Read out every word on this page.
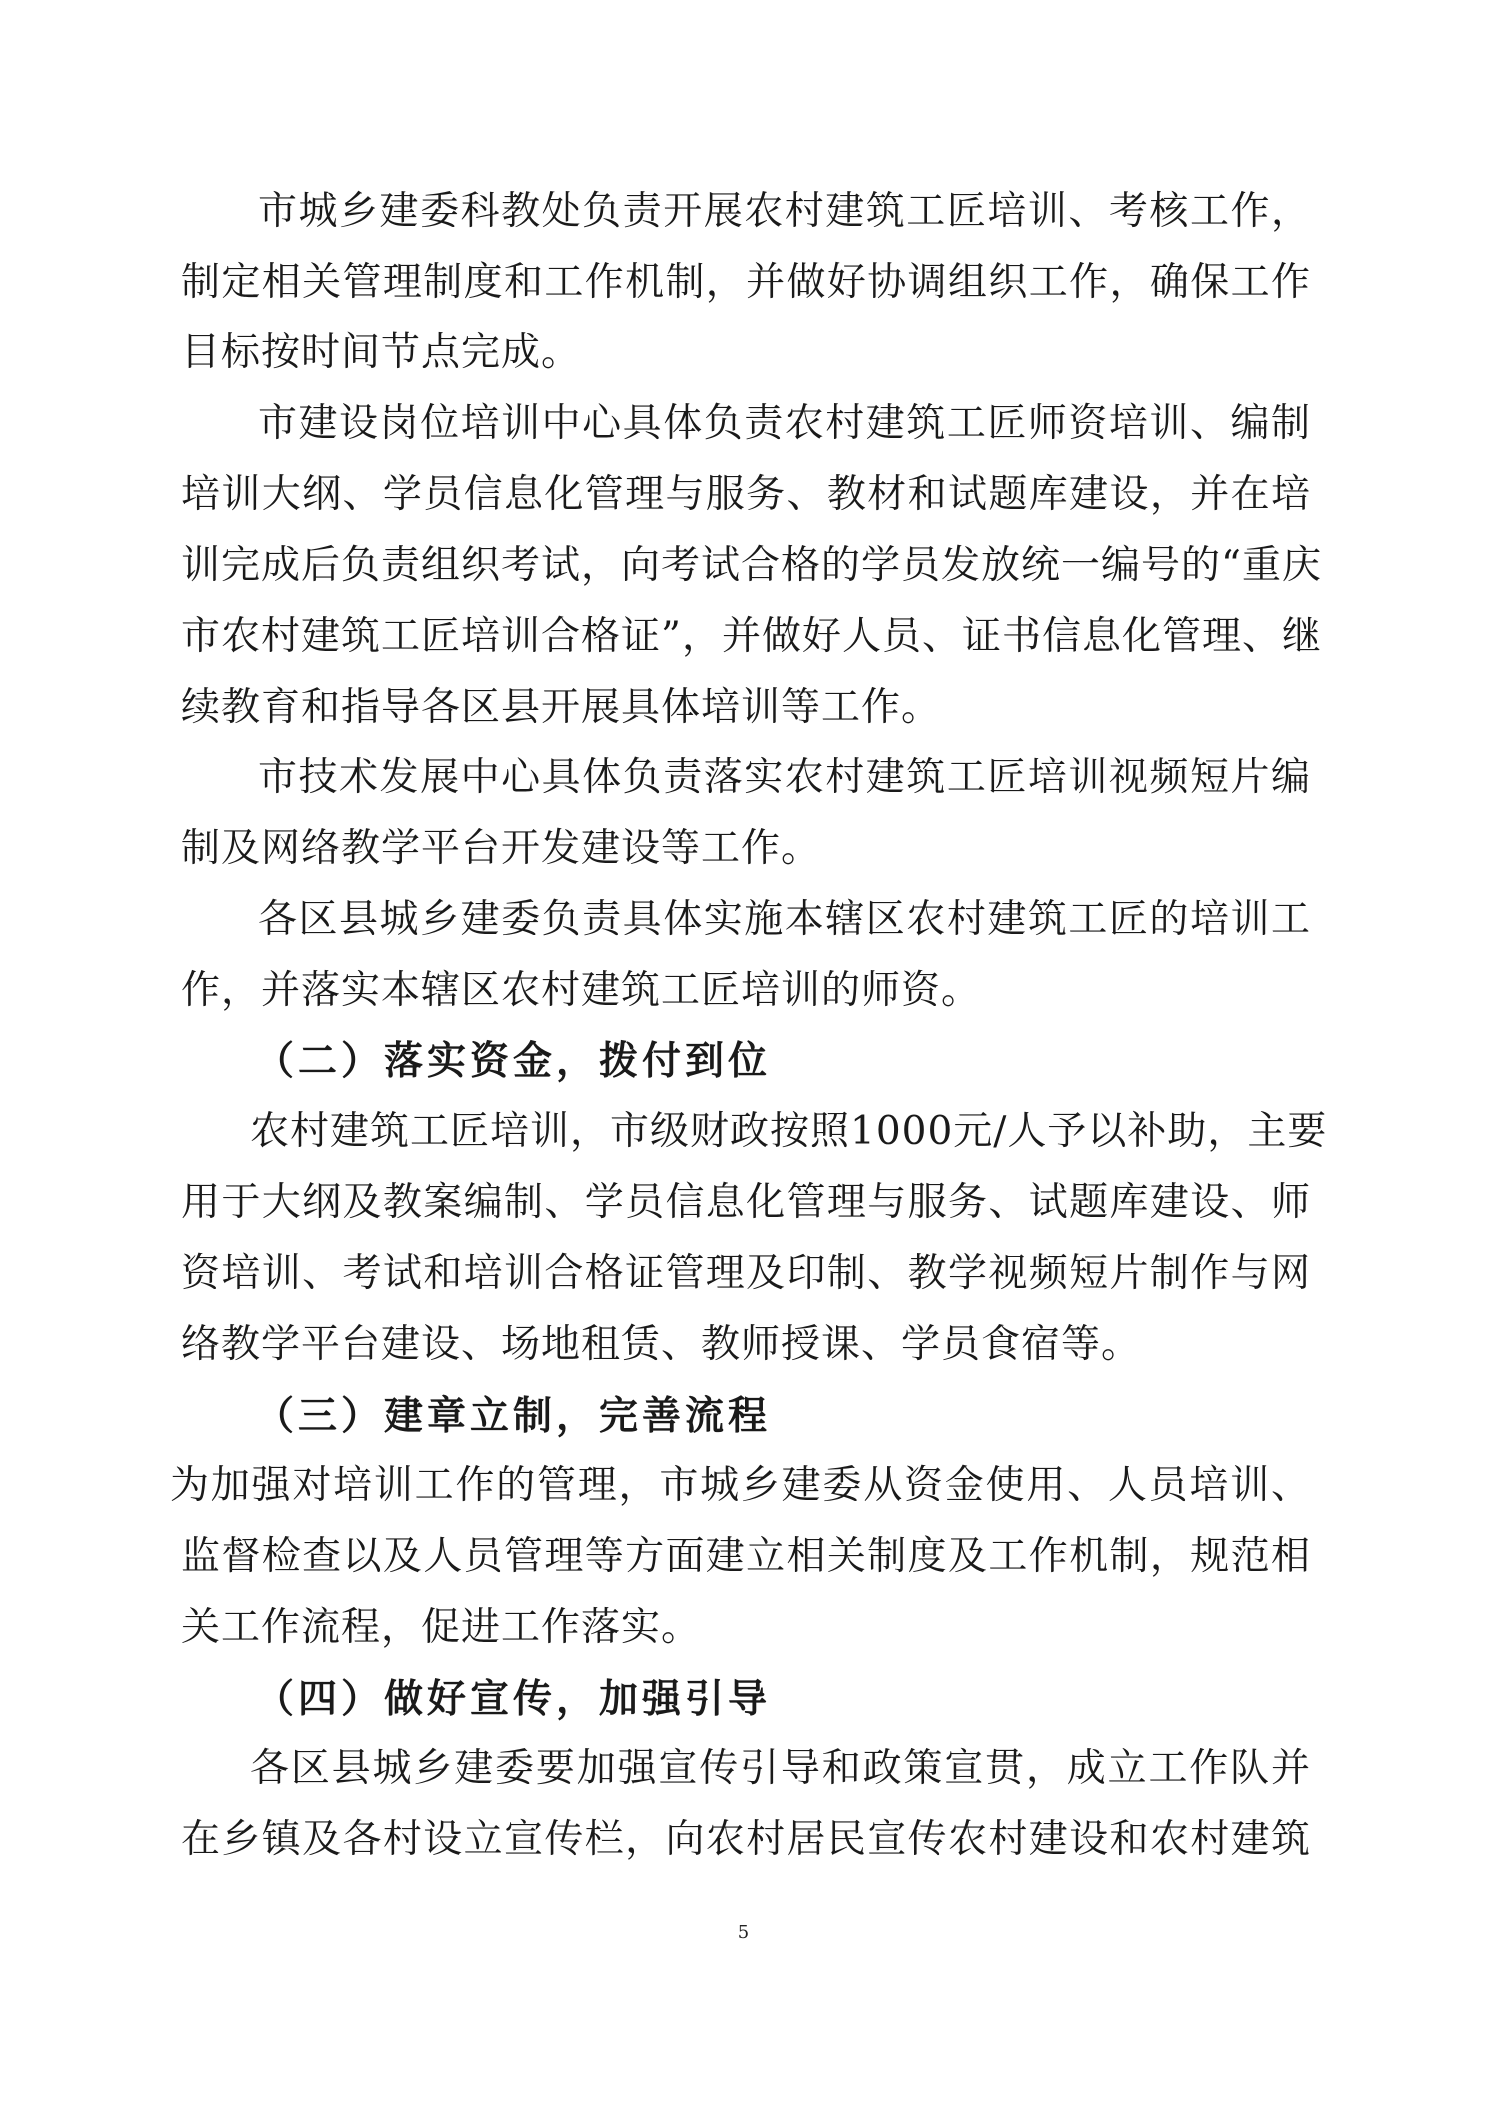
市城乡建委科教处负责开展农村建筑工匠培训、考核工作，
制定相关管理制度和工作机制，并做好协调组织工作，确保工作
目标按时间节点完成。
市建设岗位培训中心具体负责农村建筑工匠师资培训、编制
培训大纲、学员信息化管理与服务、教材和试题库建设，并在培
训完成后负责组织考试，向考试合格的学员发放统一编号的“重庆
市农村建筑工匠培训合格证”，并做好人员、证书信息化管理、继
续教育和指导各区县开展具体培训等工作。
市技术发展中心具体负责落实农村建筑工匠培训视频短片编
制及网络教学平台开发建设等工作。
各区县城乡建委负责具体实施本辖区农村建筑工匠的培训工
作，并落实本辖区农村建筑工匠培训的师资。
（二）落实资金，拨付到位
农村建筑工匠培训，市级财政按照1000元/人予以补助，主要
用于大纲及教案编制、学员信息化管理与服务、试题库建设、师
资培训、考试和培训合格证管理及印制、教学视频短片制作与网
络教学平台建设、场地租赁、教师授课、学员食宿等。
（三）建章立制，完善流程
为加强对培训工作的管理，市城乡建委从资金使用、人员培训、
监督检查以及人员管理等方面建立相关制度及工作机制，规范相
关工作流程，促进工作落实。
（四）做好宣传，加强引导
各区县城乡建委要加强宣传引导和政策宣贯，成立工作队并
在乡镇及各村设立宣传栏，向农村居民宣传农村建设和农村建筑
5
